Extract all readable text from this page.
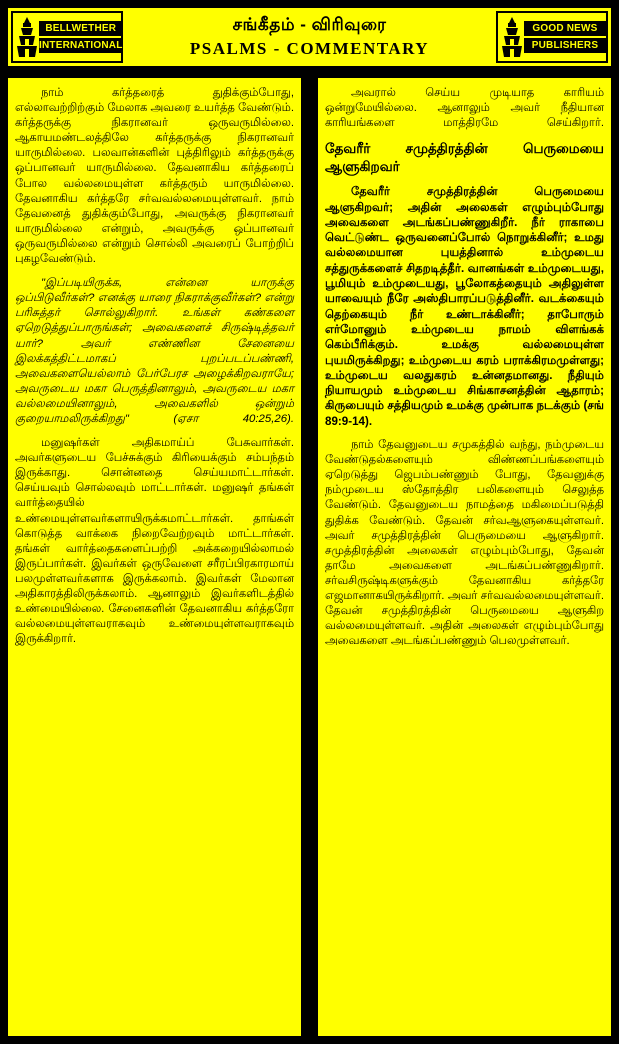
BELLWETHER
INTERNATIONAL
சங்கீதம் - விரிவுரை
PSALMS - COMMENTARY
GOOD NEWS
PUBLISHERS

நாம் கர்த்தரைத் துதிக்கும்போது, எல்லாவற்றிற்கும் மேலாக அவரை உயர்த்த வேண்டும். கர்த்தருக்கு நிகரானவர் ஒருவருமில்லை. ஆகாயமண்டலத்திலே கர்த்தருக்கு நிகரானவர் யாருமில்லை. பலவான்களின் புத்திரிலும் கர்த்தருக்கு ஒப்பானவர் யாருமில்லை. தேவனாகிய கர்த்தரைப் போல வல்லமையுள்ள கர்த்தரும் யாருமில்லை. தேவனாகிய கர்த்தரே சர்வவல்லமையுள்ளவர். நாம் தேவனைத் துதிக்கும்போது, அவருக்கு நிகரானவர் யாருமில்லை என்றும், அவருக்கு ஒப்பானவர் ஒருவருமில்லை என்றும் சொல்லி அவரைப் போற்றிப் புகழவேண்டும்.

"இப்படியிருக்க, என்னை யாருக்கு ஒப்பிடுவீர்கள்? எனக்கு யாரை நிகராக்குவீர்கள்? என்று பரிசுத்தர் சொல்லுகிறார். உங்கள் கண்களை ஏறெடுத்துப்பாருங்கள்; அவைகளைச் சிருஷ்டித்தவர் யார்? அவர் எண்ணின சேனையை இலக்கத்திட்டமாகப் புறப்படப்பண்ணி, அவைகளையெல்லாம் பேர்பேரச அழைக்கிறவராயே; அவருடைய மகா பெருத்தினாலும், அவருடைய மகா வல்லமையினாலும், அவைகளில் ஒன்றும் குறையாமலிருக்கிறது" (ஏசா 40:25,26).

மனுஷர்கள் அதிகமாய்ப் பேசுவார்கள். அவர்களுடைய பேச்சுக்கும் கிரியைக்கும் சம்பந்தம் இருக்காது. சொன்னதை செய்யமாட்டார்கள். செய்யவும் சொல்லவும் மாட்டார்கள். மனுஷர் தங்கள் வார்த்தையில் உண்மையுள்ளவர்களாயிருக்கமாட்டார்கள். தாங்கள் கொடுத்த வாக்கை நிறைவேற்றவும் மாட்டார்கள். தங்கள் வார்த்தைகளைப்பற்றி அக்கறையில்லாமல் இருப்பார்கள். இவர்கள் ஒருவேளை சரீரப்பிரகாரமாய் பலமுள்ளவர்களாக இருக்கலாம். இவர்கள் மேலான அதிகாரத்திலிருக்கலாம். ஆனாலும் இவர்களிடத்தில் உண்மையில்லை. சேனைகளின் தேவனாகிய கர்த்தரோ வல்லமையுள்ளவராகவும் உண்மையுள்ளவராகவும் இருக்கிறார்.

அவரால் செய்ய முடியாத காரியம் ஒன்றுமேயில்லை. ஆனாலும் அவர் நீதியான காரியங்களை மாத்திரமே செய்கிறார்.

தேவரீர் சமுத்திரத்தின் பெருமையை ஆளுகிறவர்

தேவரீர் சமுத்திரத்தின் பெருமையை ஆளுகிறவர்; அதின் அலைகள் எழும்பும்போது அவைகளை அடங்கப்பண்ணுகிறீர். நீர் ராகாபை வெட்டுண்ட ஒருவனைப்போல் நொறுக்கினீர்; உமது வல்லமையான புயத்தினால் உம்முடைய சத்துருக்களைச் சிதறடித்தீர். வானங்கள் உம்முடையது, பூமியும் உம்முடையது, பூலோகத்தையும் அதிலுள்ள யாவையும் நீரே அஸ்திபாரப்படுத்தினீர். வடக்கையும் தெற்கையும் நீர் உண்டாக்கினீர்; தாபோரும் எர்மோனும் உம்முடைய நாமம் விளங்கக் கெம்பீரிக்கும். உமக்கு வல்லமையுள்ள புயமிருக்கிறது; உம்முடைய கரம் பராக்கிரமமுள்ளது; உம்முடைய வலதுகரம் உன்னதமானது. நீதியும் நியாயமும் உம்முடைய சிங்காசனத்தின் ஆதாரம்; கிருபையும் சத்தியமும் உமக்கு முன்பாக நடக்கும் (சங் 89:9-14).

நாம் தேவனுடைய சமுகத்தில் வந்து, நம்முடைய வேண்டுதல்களையும் விண்ணப்பங்களையும் ஏறெடுத்து ஜெபம்பண்ணும் போது, தேவனுக்கு நம்முடைய ஸ்தோத்திர பலிகளையும் செலுத்த வேண்டும். தேவனுடைய நாமத்தை மகிமைப்படுத்தி துதிக்க வேண்டும். தேவன் சர்வஆளுகையுள்ளவர். அவர் சமுத்திரத்தின் பெருமையை ஆளுகிறார். சமுத்திரத்தின் அலைகள் எழும்பும்போது, தேவன் தாமே அவைகளை அடங்கப்பண்ணுகிறார். சர்வசிருஷ்டிகளுக்கும் தேவனாகிய கர்த்தரே எஜமானாகயிருக்கிறார். அவர் சர்வவல்லமையுள்ளவர். தேவன் சமுத்திரத்தின் பெருமையை ஆளுகிற வல்லமையுள்ளவர். அதின் அலைகள் எழும்பும்போது அவைகளை அடங்கப்பண்ணும் பெலமுள்ளவர்.
